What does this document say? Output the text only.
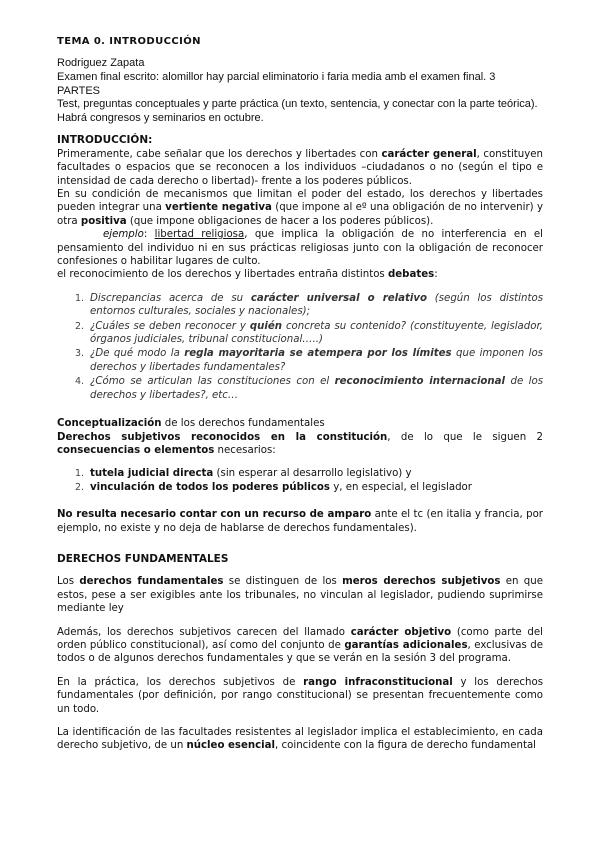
TEMA 0. INTRODUCCIÓN
Rodriguez Zapata
Examen final escrito: alomillor hay parcial eliminatorio i faria media amb el examen final. 3
PARTES
Test, preguntas conceptuales y parte práctica (un texto, sentencia, y conectar con la parte teórica).
Habrá congresos y seminarios en octubre.
INTRODUCCIÓN:

Primeramente, cabe señalar que los derechos y libertades con carácter general, constituyen facultades o espacios que se reconocen a los individuos –ciudadanos o no (según el tipo e intensidad de cada derecho o libertad)- frente a los poderes públicos.

En su condición de mecanismos que limitan el poder del estado, los derechos y libertades pueden integrar una vertiente negativa (que impone al eº una obligación de no intervenir) y otra positiva (que impone obligaciones de hacer a los poderes públicos).

ejemplo: libertad religiosa, que implica la obligación de no interferencia en el pensamiento del individuo ni en sus prácticas religiosas junto con la obligación de reconocer confesiones o habilitar lugares de culto.

el reconocimiento de los derechos y libertades entraña distintos debates:

1. Discrepancias acerca de su carácter universal o relativo (según los distintos entornos culturales, sociales y nacionales);
2. ¿Cuáles se deben reconocer y quién concreta su contenido? (constituyente, legislador, órganos judiciales, tribunal constitucional…..)
3. ¿De qué modo la regla mayoritaria se atempera por los límites que imponen los derechos y libertades fundamentales?
4. ¿Cómo se articulan las constituciones con el reconocimiento internacional de los derechos y libertades?, etc…

Conceptualización de los derechos fundamentales

Derechos subjetivos reconocidos en la constitución, de lo que le siguen 2 consecuencias o elementos necesarios:

1. tutela judicial directa (sin esperar al desarrollo legislativo) y
2. vinculación de todos los poderes públicos y, en especial, el legislador

No resulta necesario contar con un recurso de amparo ante el tc (en italia y francia, por ejemplo, no existe y no deja de hablarse de derechos fundamentales).

DERECHOS FUNDAMENTALES

Los derechos fundamentales se distinguen de los meros derechos subjetivos en que estos, pese a ser exigibles ante los tribunales, no vinculan al legislador, pudiendo suprimirse mediante ley

Además, los derechos subjetivos carecen del llamado carácter objetivo (como parte del orden público constitucional), así como del conjunto de garantías adicionales, exclusivas de todos o de algunos derechos fundamentales y que se verán en la sesión 3 del programa.

En la práctica, los derechos subjetivos de rango infraconstitucional y los derechos fundamentales (por definición, por rango constitucional) se presentan frecuentemente como un todo.

La identificación de las facultades resistentes al legislador implica el establecimiento, en cada derecho subjetivo, de un núcleo esencial, coincidente con la figura de derecho fundamental
